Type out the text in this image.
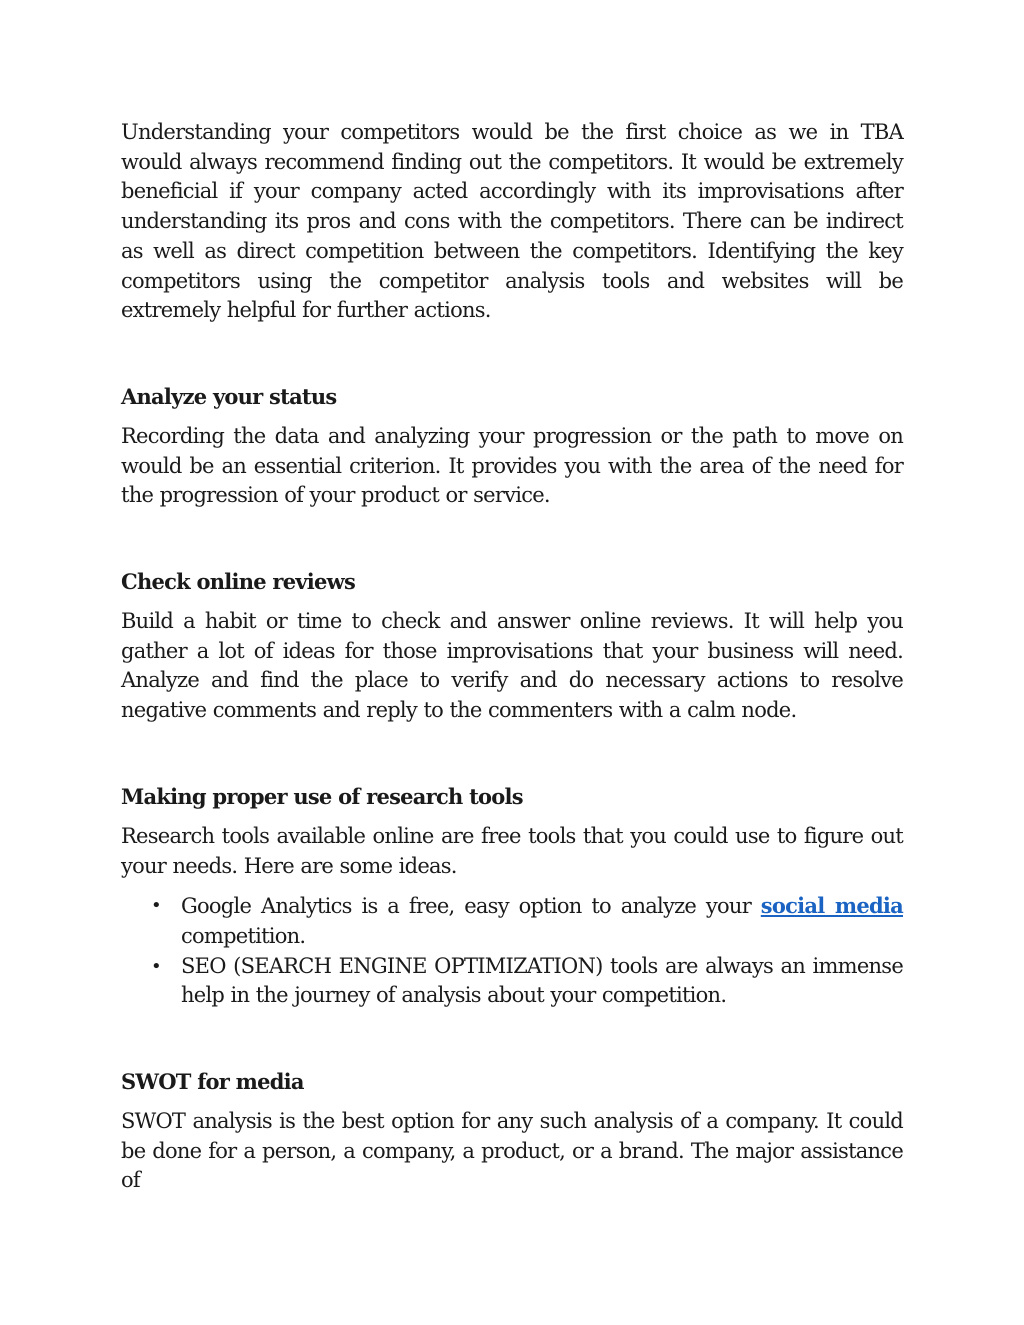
Understanding your competitors would be the first choice as we in TBA would always recommend finding out the competitors. It would be extremely beneficial if your company acted accordingly with its improvisations after understanding its pros and cons with the competitors. There can be indirect as well as direct competition between the competitors. Identifying the key competitors using the competitor analysis tools and websites will be extremely helpful for further actions.

Analyze your status

Recording the data and analyzing your progression or the path to move on would be an essential criterion. It provides you with the area of the need for the progression of your product or service.

Check online reviews

Build a habit or time to check and answer online reviews. It will help you gather a lot of ideas for those improvisations that your business will need. Analyze and find the place to verify and do necessary actions to resolve negative comments and reply to the commenters with a calm node.

Making proper use of research tools

Research tools available online are free tools that you could use to figure out your needs. Here are some ideas.

• Google Analytics is a free, easy option to analyze your social media competition.
• SEO (SEARCH ENGINE OPTIMIZATION) tools are always an immense help in the journey of analysis about your competition.
SWOT for media

SWOT analysis is the best option for any such analysis of a company. It could be done for a person, a company, a product, or a brand. The major assistance of
